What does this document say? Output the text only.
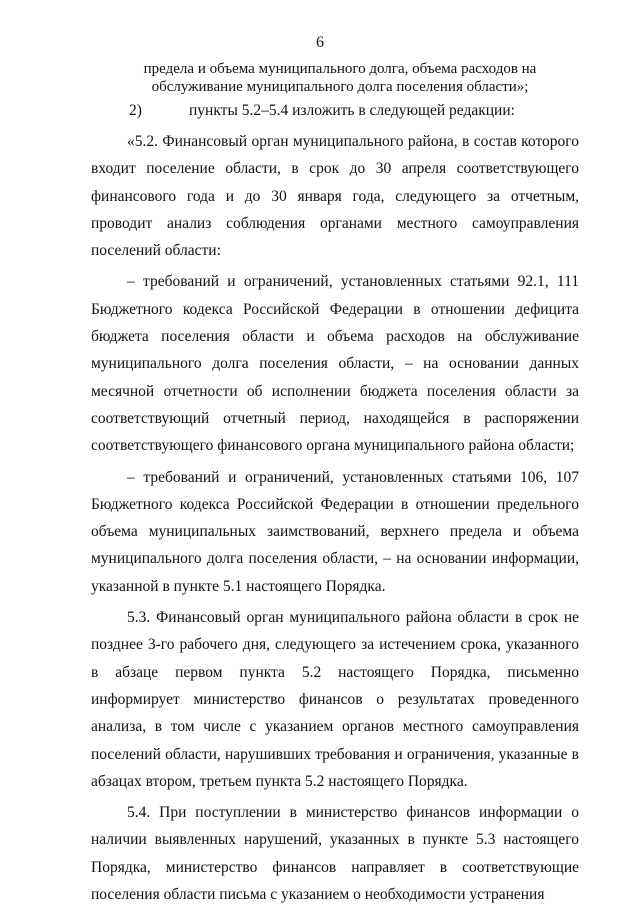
6
предела и объема муниципального долга, объема расходов на обслуживание муниципального долга поселения области»;

2)	пункты 5.2–5.4 изложить в следующей редакции:

«5.2. Финансовый орган муниципального района, в состав которого входит поселение области, в срок до 30 апреля соответствующего финансового года и до 30 января года, следующего за отчетным, проводит анализ соблюдения органами местного самоуправления поселений области:

– требований и ограничений, установленных статьями 92.1, 111 Бюджетного кодекса Российской Федерации в отношении дефицита бюджета поселения области и объема расходов на обслуживание муниципального долга поселения области, – на основании данных месячной отчетности об исполнении бюджета поселения области за соответствующий отчетный период, находящейся в распоряжении соответствующего финансового органа муниципального района области;

– требований и ограничений, установленных статьями 106, 107 Бюджетного кодекса Российской Федерации в отношении предельного объема муниципальных заимствований, верхнего предела и объема муниципального долга поселения области, – на основании информации, указанной в пункте 5.1 настоящего Порядка.

5.3. Финансовый орган муниципального района области в срок не позднее 3-го рабочего дня, следующего за истечением срока, указанного в абзаце первом пункта 5.2 настоящего Порядка, письменно информирует министерство финансов о результатах проведенного анализа, в том числе с указанием органов местного самоуправления поселений области, нарушивших требования и ограничения, указанные в абзацах втором, третьем пункта 5.2 настоящего Порядка.

5.4. При поступлении в министерство финансов информации о наличии выявленных нарушений, указанных в пункте 5.3 настоящего Порядка, министерство финансов направляет в соответствующие поселения области письма с указанием о необходимости устранения
